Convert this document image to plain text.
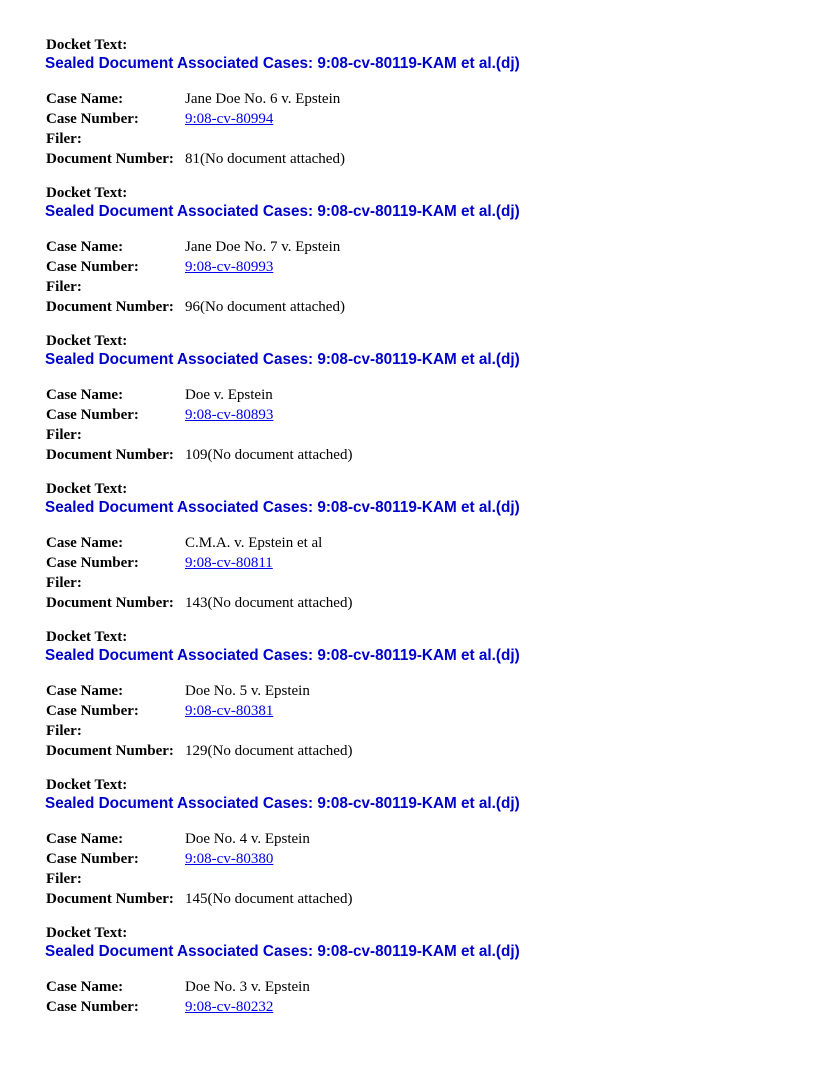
Docket Text:
Sealed Document Associated Cases: 9:08-cv-80119-KAM et al.(dj)
Case Name:	Jane Doe No. 6 v. Epstein
Case Number:	9:08-cv-80994
Filer:	
Document Number:	81(No document attached)
Docket Text:
Sealed Document Associated Cases: 9:08-cv-80119-KAM et al.(dj)
Case Name:	Jane Doe No. 7 v. Epstein
Case Number:	9:08-cv-80993
Filer:	
Document Number:	96(No document attached)
Docket Text:
Sealed Document Associated Cases: 9:08-cv-80119-KAM et al.(dj)
Case Name:	Doe v. Epstein
Case Number:	9:08-cv-80893
Filer:	
Document Number:	109(No document attached)
Docket Text:
Sealed Document Associated Cases: 9:08-cv-80119-KAM et al.(dj)
Case Name:	C.M.A. v. Epstein et al
Case Number:	9:08-cv-80811
Filer:	
Document Number:	143(No document attached)
Docket Text:
Sealed Document Associated Cases: 9:08-cv-80119-KAM et al.(dj)
Case Name:	Doe No. 5 v. Epstein
Case Number:	9:08-cv-80381
Filer:	
Document Number:	129(No document attached)
Docket Text:
Sealed Document Associated Cases: 9:08-cv-80119-KAM et al.(dj)
Case Name:	Doe No. 4 v. Epstein
Case Number:	9:08-cv-80380
Filer:	
Document Number:	145(No document attached)
Docket Text:
Sealed Document Associated Cases: 9:08-cv-80119-KAM et al.(dj)
Case Name:	Doe No. 3 v. Epstein
Case Number:	9:08-cv-80232
